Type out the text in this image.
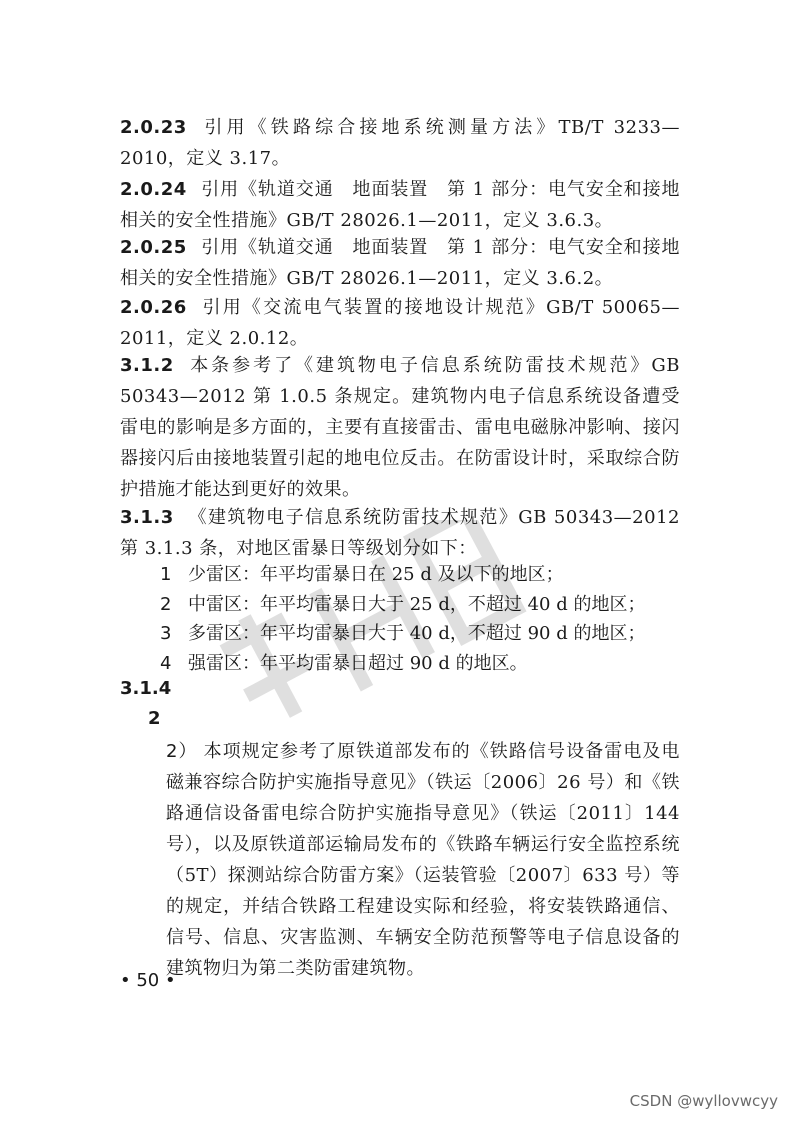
2.0.23 引用《铁路综合接地系统测量方法》TB/T 3233—2010，定义 3.17。
2.0.24 引用《轨道交通　地面装置　第 1 部分：电气安全和接地相关的安全性措施》GB/T 28026.1—2011，定义 3.6.3。
2.0.25 引用《轨道交通　地面装置　第 1 部分：电气安全和接地相关的安全性措施》GB/T 28026.1—2011，定义 3.6.2。
2.0.26 引用《交流电气装置的接地设计规范》GB/T 50065—2011，定义 2.0.12。
3.1.2 本条参考了《建筑物电子信息系统防雷技术规范》GB 50343—2012 第 1.0.5 条规定。建筑物内电子信息系统设备遭受雷电的影响是多方面的，主要有直接雷击、雷电电磁脉冲影响、接闪器接闪后由接地装置引起的地电位反击。在防雷设计时，采取综合防护措施才能达到更好的效果。
3.1.3 《建筑物电子信息系统防雷技术规范》GB 50343—2012 第 3.1.3 条，对地区雷暴日等级划分如下：
1 少雷区：年平均雷暴日在 25 d 及以下的地区；
2 中雷区：年平均雷暴日大于 25 d，不超过 40 d 的地区；
3 多雷区：年平均雷暴日大于 40 d，不超过 90 d 的地区；
4 强雷区：年平均雷暴日超过 90 d 的地区。
3.1.4
2
2） 本项规定参考了原铁道部发布的《铁路信号设备雷电及电磁兼容综合防护实施指导意见》（铁运〔2006〕26 号）和《铁路通信设备雷电综合防护实施指导意见》（铁运〔2011〕144 号），以及原铁道部运输局发布的《铁路车辆运行安全监控系统（5T）探测站综合防雷方案》（运装管验〔2007〕633 号）等的规定，并结合铁路工程建设实际和经验，将安装铁路通信、信号、信息、灾害监测、车辆安全防范预警等电子信息设备的建筑物归为第二类防雷建筑物。
• 50 •
CSDN @wyllovwcyy
